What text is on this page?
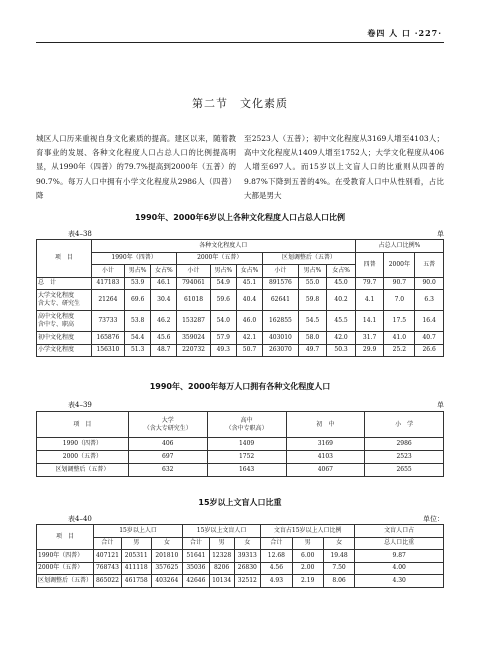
卷四 人 口 ·227·
第二节　文化素质

城区人口历来重视自身文化素质的提高。建区以来，随着教育事业的发展、各种文化程度人口占总人口的比例提高明显，从1990年（四普）的79.7%提高到2000年（五普）的　90.7%。每万人口中拥有小学文化程度从2986人（四普）降

至2523人（五普）；初中文化程度从3169人增至4103人；高中文化程度从1409人增至1752人；大学文化程度从406人增至697人。而15岁以上文盲人口的比重则从四普的　　9.87%下降到五普的4%。在受教育人口中从性别看，占比大都是男大

1990年、2000年6岁以上各种文化程度人口占总人口比例
表4–38	单
项　目	各种文化程度人口									占总人口比例%		
	1990年（四普）			2000年（五普）			区划调整后（五普）			四普	2000年	五普
	小计	男占%	女占%	小计	男占%	女占%	小计	男占%	女占%			
总　计	417183	53.9	46.1	794061	54.9	45.1	891576	55.0	45.0	79.7	90.7	90.0
大学文化程度
含大专、研究生	21264	69.6	30.4	61018	59.6	40.4	62641	59.8	40.2	4.1	7.0	6.3
高中文化程度
含中专、职高	73733	53.8	46.2	153287	54.0	46.0	162855	54.5	45.5	14.1	17.5	16.4
初中文化程度	165876	54.4	45.6	359024	57.9	42.1	403010	58.0	42.0	31.7	41.0	40.7
小学文化程度	156310	51.3	48.7	220732	49.3	50.7	263070	49.7	50.3	29.9	25.2	26.6
1990年、2000年每万人口拥有各种文化程度人口
表4–39	单
项　目	大学
（含大专研究生）	高中
（含中专职高）	初　中	小　学
1990（四普）	406	1409	3169	2986
2000（五普）	697	1752	4103	2523
区划调整后（五普）	632	1643	4067	2655
15岁以上文盲人口比重
表4–40	单位：
项　目	15岁以上人口			15岁以上文盲人口			文盲占15岁以上人口比例			文盲人口占
	合计	男	女	合计	男	女	合计	男	女	总人口比重
1990年（四普）	407121	205311	201810	51641	12328	39313	12.68	6.00	19.48	9.87
2000年（五普）	768743	411118	357625	35036	8206	26830	4.56	2.00	7.50	4.00
区划调整后（五普）	865022	461758	403264	42646	10134	32512	4.93	2.19	8.06	4.30
